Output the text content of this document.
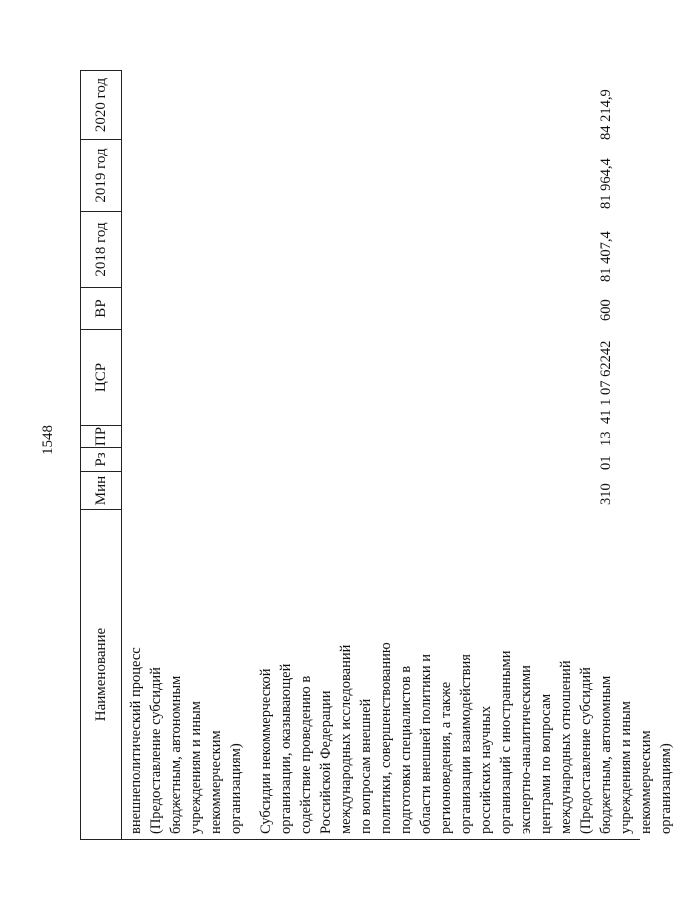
1548
Наименование
Мин
Рз
ПР
ЦСР
ВР
2018 год
2019 год
2020 год

внешнеполитический процесс (Предоставление субсидий бюджетным, автономным учреждениям и иным некоммерческим организациям) Субсидии некоммерческой организации, оказывающей содействие проведению в Российской Федерации международных исследований по вопросам внешней политики, совершенствованию подготовки специалистов в области внешней политики и регионоведения, а также организации взаимодействия российских научных организаций с иностранными экспертно-аналитическими центрами по вопросам международных отношений (Предоставление субсидий бюджетным, автономным учреждениям и иным некоммерческим организациям)

310
01
13
41 1 07 62242
600
81 407,4
81 964,4
84 214,9
